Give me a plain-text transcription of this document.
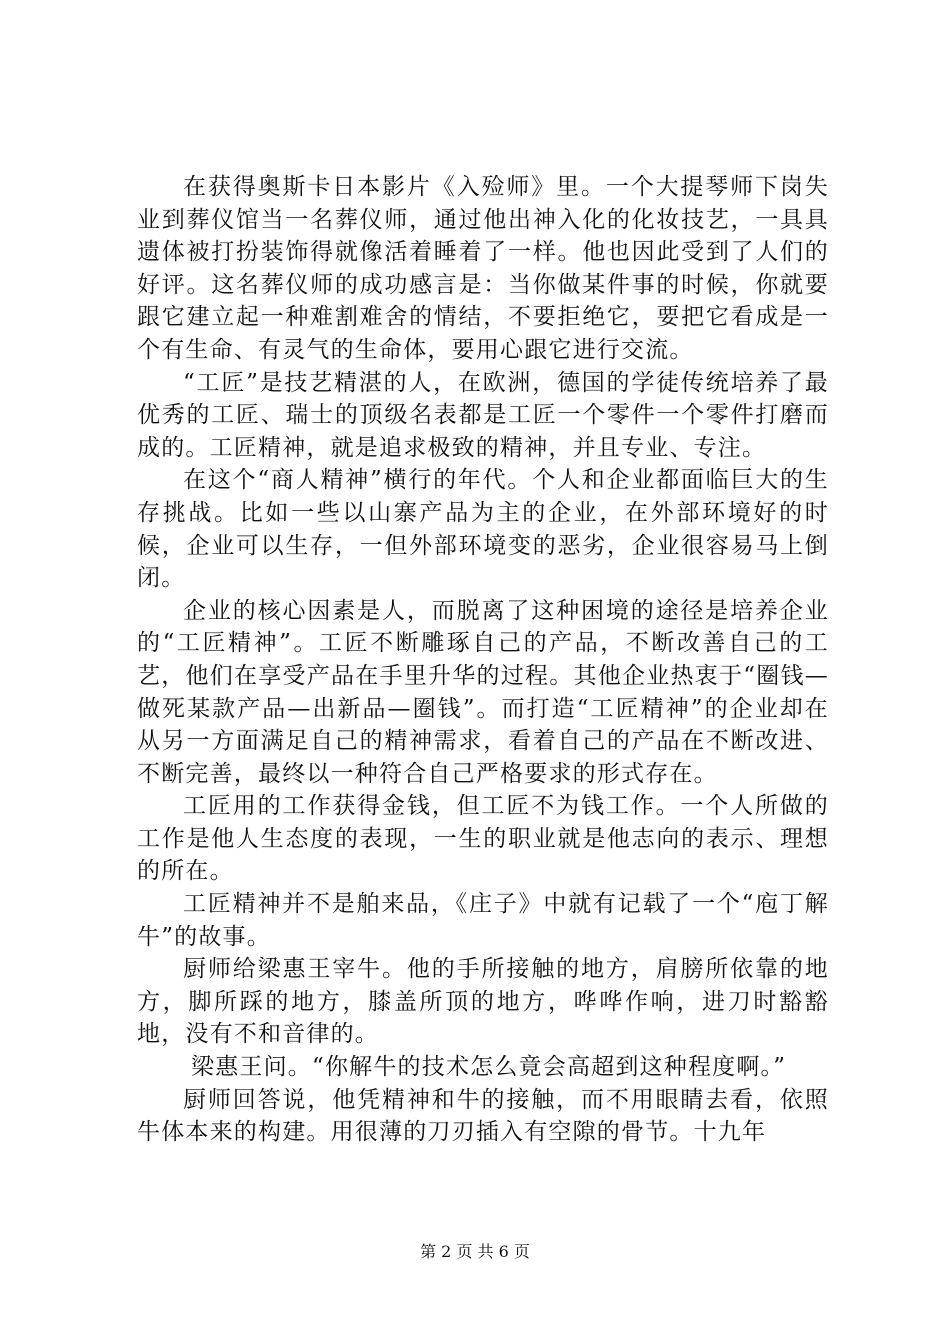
在获得奥斯卡日本影片《入殓师》里。一个大提琴师下岗失业到葬仪馆当一名葬仪师，通过他出神入化的化妆技艺，一具具遗体被打扮装饰得就像活着睡着了一样。他也因此受到了人们的好评。这名葬仪师的成功感言是：当你做某件事的时候，你就要跟它建立起一种难割难舍的情结，不要拒绝它，要把它看成是一个有生命、有灵气的生命体，要用心跟它进行交流。

“工匠”是技艺精湛的人，在欧洲，德国的学徒传统培养了最优秀的工匠、瑞士的顶级名表都是工匠一个零件一个零件打磨而成的。工匠精神，就是追求极致的精神，并且专业、专注。

在这个“商人精神”横行的年代。个人和企业都面临巨大的生存挑战。比如一些以山寨产品为主的企业，在外部环境好的时候，企业可以生存，一但外部环境变的恶劣，企业很容易马上倒闭。

企业的核心因素是人，而脱离了这种困境的途径是培养企业的“工匠精神”。工匠不断雕琢自己的产品，不断改善自己的工艺，他们在享受产品在手里升华的过程。其他企业热衷于“圈钱—做死某款产品—出新品—圈钱”。而打造“工匠精神”的企业却在从另一方面满足自己的精神需求，看着自己的产品在不断改进、不断完善，最终以一种符合自己严格要求的形式存在。

工匠用的工作获得金钱，但工匠不为钱工作。一个人所做的工作是他人生态度的表现，一生的职业就是他志向的表示、理想的所在。

工匠精神并不是舶来品，《庄子》中就有记载了一个“庖丁解牛”的故事。

厨师给梁惠王宰牛。他的手所接触的地方，肩膀所依靠的地方，脚所踩的地方，膝盖所顶的地方，哗哗作响，进刀时豁豁地，没有不和音律的。

梁惠王问。“你解牛的技术怎么竟会高超到这种程度啊。”

厨师回答说，他凭精神和牛的接触，而不用眼睛去看，依照牛体本来的构建。用很薄的刀刃插入有空隙的骨节。十九年

第 2 页 共 6 页
